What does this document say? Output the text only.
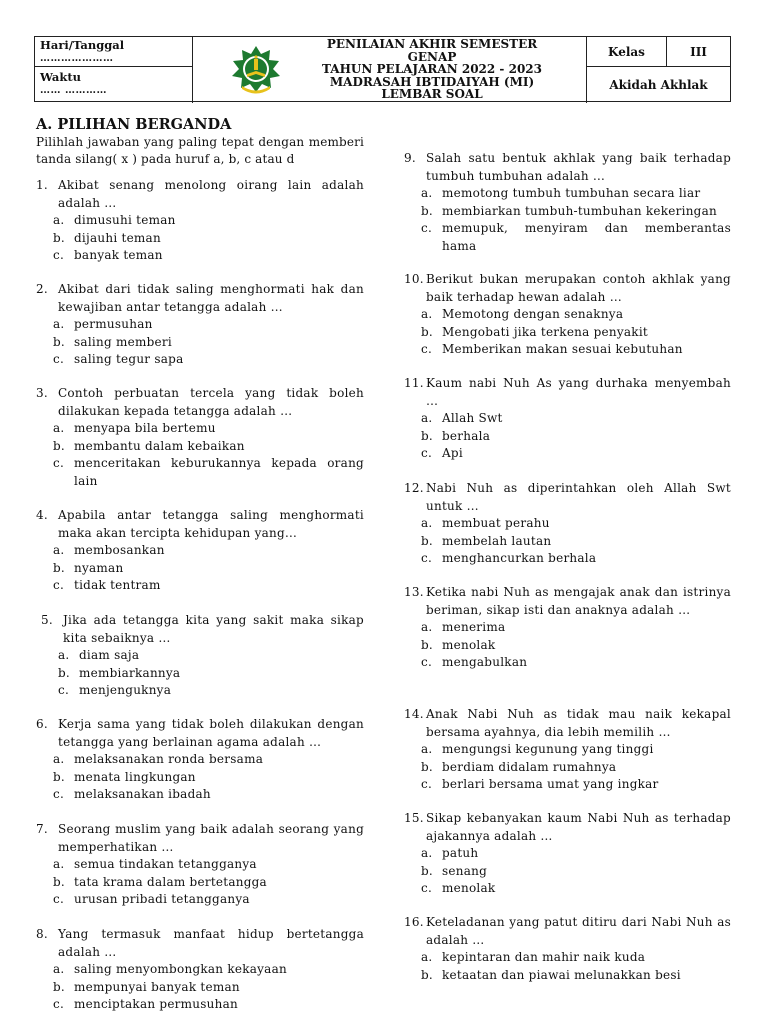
Hari/Tanggal
…………………
Waktu
…… …………
PENILAIAN AKHIR SEMESTER
GENAP
TAHUN PELAJARAN 2022 - 2023
MADRASAH IBTIDAIYAH (MI)
LEMBAR SOAL
Kelas	III
Akidah Akhlak
A. PILIHAN BERGANDA
Pilihlah jawaban yang paling tepat dengan memberi tanda silang( x ) pada huruf a, b, c atau d
1. Akibat senang menolong oirang lain adalah adalah …
a. dimusuhi teman
b. dijauhi teman
c. banyak teman
2. Akibat dari tidak saling menghormati hak dan kewajiban antar tetangga adalah …
a. permusuhan
b. saling memberi
c. saling tegur sapa
3. Contoh perbuatan tercela yang tidak boleh dilakukan kepada tetangga adalah …
a. menyapa bila bertemu
b. membantu dalam kebaikan
c. menceritakan keburukannya kepada orang lain
4. Apabila antar tetangga saling menghormati maka akan tercipta kehidupan yang…
a. membosankan
b. nyaman
c. tidak tentram
5. Jika ada tetangga kita yang sakit maka sikap kita sebaiknya …
a. diam saja
b. membiarkannya
c. menjenguknya
6. Kerja sama yang tidak boleh dilakukan dengan tetangga yang berlainan agama adalah …
a. melaksanakan ronda bersama
b. menata lingkungan
c. melaksanakan ibadah
7. Seorang muslim yang baik adalah seorang yang memperhatikan …
a. semua tindakan tetangganya
b. tata krama dalam bertetangga
c. urusan pribadi tetangganya
8. Yang termasuk manfaat hidup bertetangga adalah …
a. saling menyombongkan kekayaan
b. mempunyai banyak teman
c. menciptakan permusuhan
9. Salah satu bentuk akhlak yang baik terhadap tumbuh tumbuhan adalah …
a. memotong tumbuh tumbuhan secara liar
b. membiarkan tumbuh-tumbuhan kekeringan
c. memupuk, menyiram dan memberantas hama
10. Berikut bukan merupakan contoh akhlak yang baik terhadap hewan adalah …
a. Memotong dengan senaknya
b. Mengobati jika terkena penyakit
c. Memberikan makan sesuai kebutuhan
11. Kaum nabi Nuh As yang durhaka menyembah …
a. Allah Swt
b. berhala
c. Api
12. Nabi Nuh as diperintahkan oleh Allah Swt untuk …
a. membuat perahu
b. membelah lautan
c. menghancurkan berhala
13. Ketika nabi Nuh as mengajak anak dan istrinya beriman, sikap isti dan anaknya adalah …
a. menerima
b. menolak
c. mengabulkan
14. Anak Nabi Nuh as tidak mau naik kekapal bersama ayahnya, dia lebih memilih …
a. mengungsi kegunung yang tinggi
b. berdiam didalam rumahnya
c. berlari bersama umat yang ingkar
15. Sikap kebanyakan kaum Nabi Nuh as terhadap ajakannya adalah …
a. patuh
b. senang
c. menolak
16. Keteladanan yang patut ditiru dari Nabi Nuh as adalah …
a. kepintaran dan mahir naik kuda
b. ketaatan dan piawai melunakkan besi
